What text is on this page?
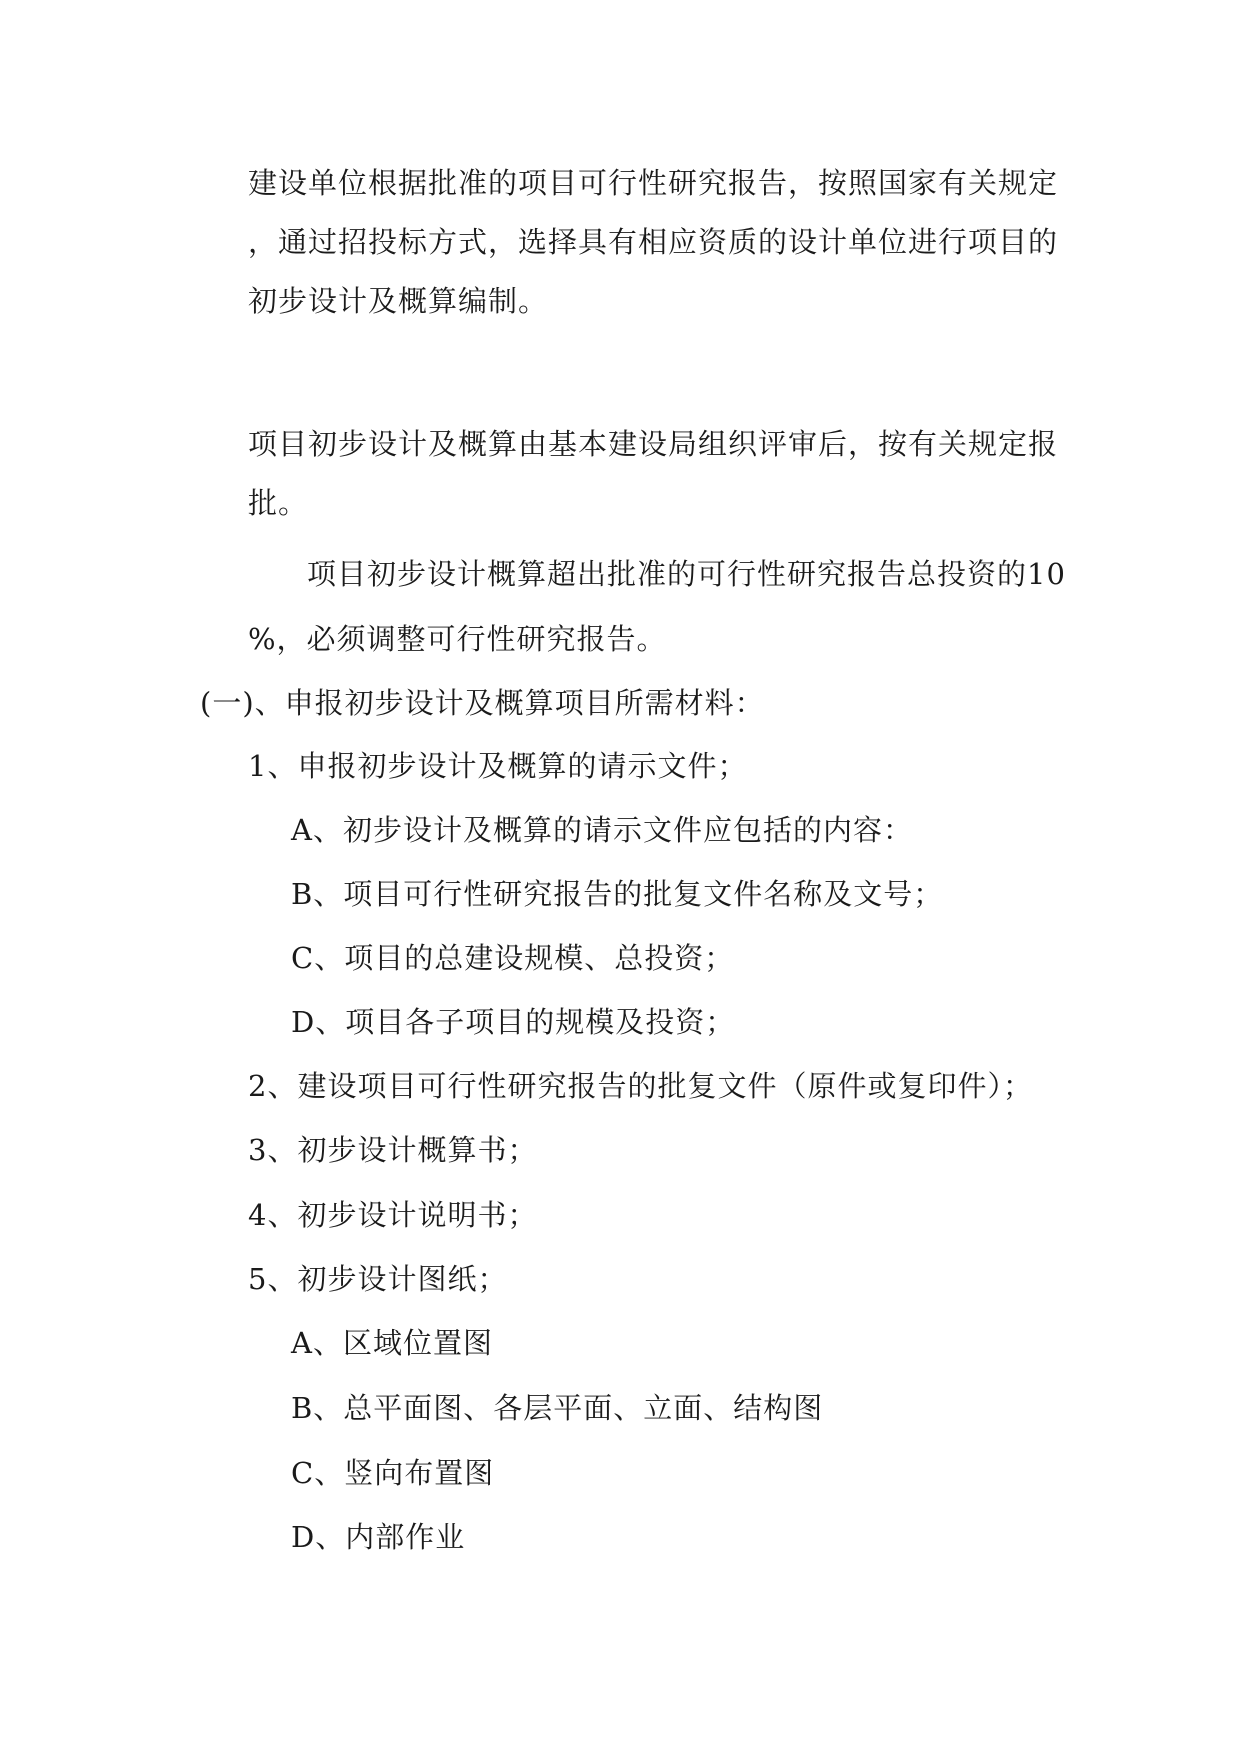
建设单位根据批准的项目可行性研究报告，按照国家有关规定
，通过招投标方式，选择具有相应资质的设计单位进行项目的
初步设计及概算编制。
项目初步设计及概算由基本建设局组织评审后，按有关规定报
批。
项目初步设计概算超出批准的可行性研究报告总投资的10
%，必须调整可行性研究报告。
(一)、申报初步设计及概算项目所需材料：
1、申报初步设计及概算的请示文件；
A、初步设计及概算的请示文件应包括的内容：
B、项目可行性研究报告的批复文件名称及文号；
C、项目的总建设规模、总投资；
D、项目各子项目的规模及投资；
2、建设项目可行性研究报告的批复文件（原件或复印件）；
3、初步设计概算书；
4、初步设计说明书；
5、初步设计图纸；
A、区域位置图
B、总平面图、各层平面、立面、结构图
C、竖向布置图
D、内部作业
